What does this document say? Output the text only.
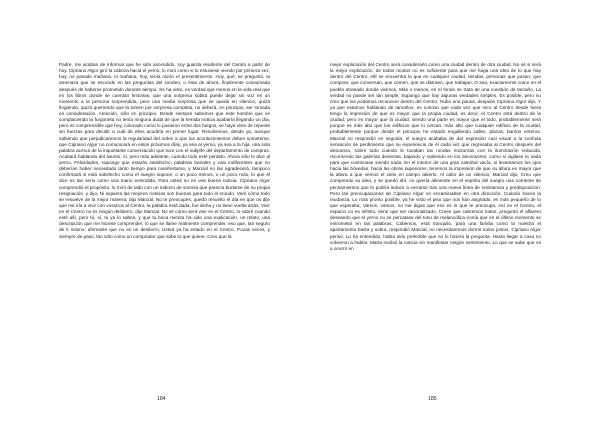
Padre, me acaban de informar que he sido ascendido, soy guarda residente del Centro a partir de hoy. Cipriano Algor giró la cabeza hacia el yerno, lo miró como si lo estuviese viendo por primera vez, hoy, no pasado mañana, ni mañana, hoy, tenía razón el presentimiento. Hoy, qué, se preguntó, la amenaza que se esconde en las preguntas del sondeo, o ésta de ahora, finalmente consumada después de haberse prometido durante tiempo. Se ha visto, es verdad que menos en la vida real que en los libros donde se cuentan historias, que una sorpresa súbita puede dejar sin voz en un momento a la persona sorprendida, pero una media sorpresa que se queda en silencio, quizá fingiendo, quizá queriendo que la tomen por sorpresa completa, no deberá, en principio, ser tomada en consideración. Atención, sólo en principio. Desde siempre sabemos que este hombre que ve complaciendo la furgoneta no tenía ninguna duda de que la temida noticia acabaría llegando un día, pero es comprensible que hoy, colocado como lo pusieron entre dos fuegos, se haya visto de repente sin fuerzas para decidir a cuál de ellos acudiría en primer lugar. Resolvemos, desde ya, aunque sabiendo que perjudicaremos la regularidad del orden a que los acontecimientos deben someterse, que Cipriano Algor no comunicará en estos próximos días, ya sea al yerno, ya sea a la hija, una sola palabra acerca de la inquietante conversación que tuvo con el subjefe del departamento de compras. Acabará hablando del asunto, sí, pero más adelante, cuando todo esté perdido. Ahora sólo le dice al yerno, Felicidades, supongo que estarás satisfecho, palabras banales y casi indiferentes que no deberían haber necesitado tanto tiempo para manifestarse, y Marcial no las agradecerá, tampoco confirmará si está satisfecho como el suegro supone, o un poco menos, o un poco más, lo que él dice es tan serio como una mano extendida, Para usted no es una buena noticia. Cipriano Algor comprendió el propósito, lo miró de lado con un esbozo de sonrisa que parecía burlarse de su propia resignación, y dijo, Ni siquiera las mejores noticias son buenas para todo el mundo. Veré cómo todo se resuelve de la mejor manera, dijo Marcial, No te preocupes, quedó resuelto el día en que os dije que me iría a vivir con vosotros al Centro, la palabra está dada, fue dicha y no tiene vuelta atrás, Vivir en el Centro no es ningún destierro, dijo Marcial, No sé cómo será vivir en el Centro, lo sabré cuando esté allí, pero tú, sí, tú ya lo sabes, y que tu boca mienta ha sido una explicación, un relato, una descripción que me hiciese comprender, lo que se llame realmente comprender, eso que, tan seguro de ti mismo, afirmaste que no es un destierro, Usted ya ha estado en el Centro, Pocas veces, y siempre de paso, tan sólo como un comprador que sabe lo que quiere, Creo que la

184

mejor explicación del Centro será considerarlo como una ciudad dentro de otra ciudad, No sé si será la mejor explicación, de todos modos no es suficiente para que me haga una idea de lo que hay dentro del Centro, Allí se encuentra lo que en cualquier ciudad, tiendas, personas que pasan, que compran, que conversan, que comen, que se distraen, que trabajan, O sea, exactamente como en el pueblo atrasado donde vivimos, Más o menos, en el fondo se trata de una cuestión de tamaño, La verdad no puede ser tan simple, Supongo que hay algunas verdades simples, Es posible, pero no creo que las podamos reconocer dentro del Centro. Hubo una pausa, después Cipriano Algor dijo, Y ya que estamos hablando de tamaños, es curioso que cada vez que miro al Centro desde fuera tengo la impresión de que es mayor que la propia ciudad, es decir, el Centro está dentro de la ciudad, pero es mayor que la ciudad, siendo una parte es mayor que el todo, probablemente será porque es más alto que los edificios que lo cercan, más alto que cualquier edificio de la ciudad, probablemente porque desde el principio he estado engullendo calles, plazas, barrios enteros. Marcial no respondió en seguida, el suegro acababa de dar expresión casi visual a la confusa sensación de perdimiento que su experiencia de él cada vez que regresaba al Centro después del descanso, sobre todo cuando le tocaban las rondas nocturnas con la iluminación reducida, recorriendo las galerías desiertas, bajando y subiendo en los ascensores, como si vigilase la nada para que continuase siendo nada. En el interior de una gran catedral vacía, si levantamos los ojos hacia las bóvedas, hacia las obras superiores, tenemos la impresión de que su altura es mayor que la altura a que vemos el cielo en campo abierto. Al cabo de un silencio, Marcial dijo, Creo que comprendo su idea, y se quedó ahí, no quería alimentar en el espíritu del suegro una corriente de pensamientos que lo podría inducir a cerrarse tras una nueva línea de resistencia y predisposición. Pero las preocupaciones de Cipriano Algor se encaminaban en otra dirección, Cuándo haces la mudanza, Lo más pronto posible, ya he visto el piso que nos han asignado, es más pequeño de lo que esperaba, Vamos, vamos, no me digas que eso es lo que te preocupa, Así es el Centro, el espacio no es infinito, tiene que ser racionalizado, Crees que cabremos todos, preguntó el alfarero deseando que el yerno no se percatase del tono de melancólica ironía que en el último momento se entrometió en las palabras, Cabemos, está tranquilo, para una familia como la nuestra el apartamento basta y sobra, respondió Marcial, no necesitaremos dormir todos juntos. Cipriano Algor pensó, Lo ha entendido, había sido preferible que no lo hiciera la pregunta. Hasta llegar a casa no volvieron a hablar. Marta recibió la noticia sin manifestar ningún sentimiento. Lo que se sabe que va a ocurrir en

185
